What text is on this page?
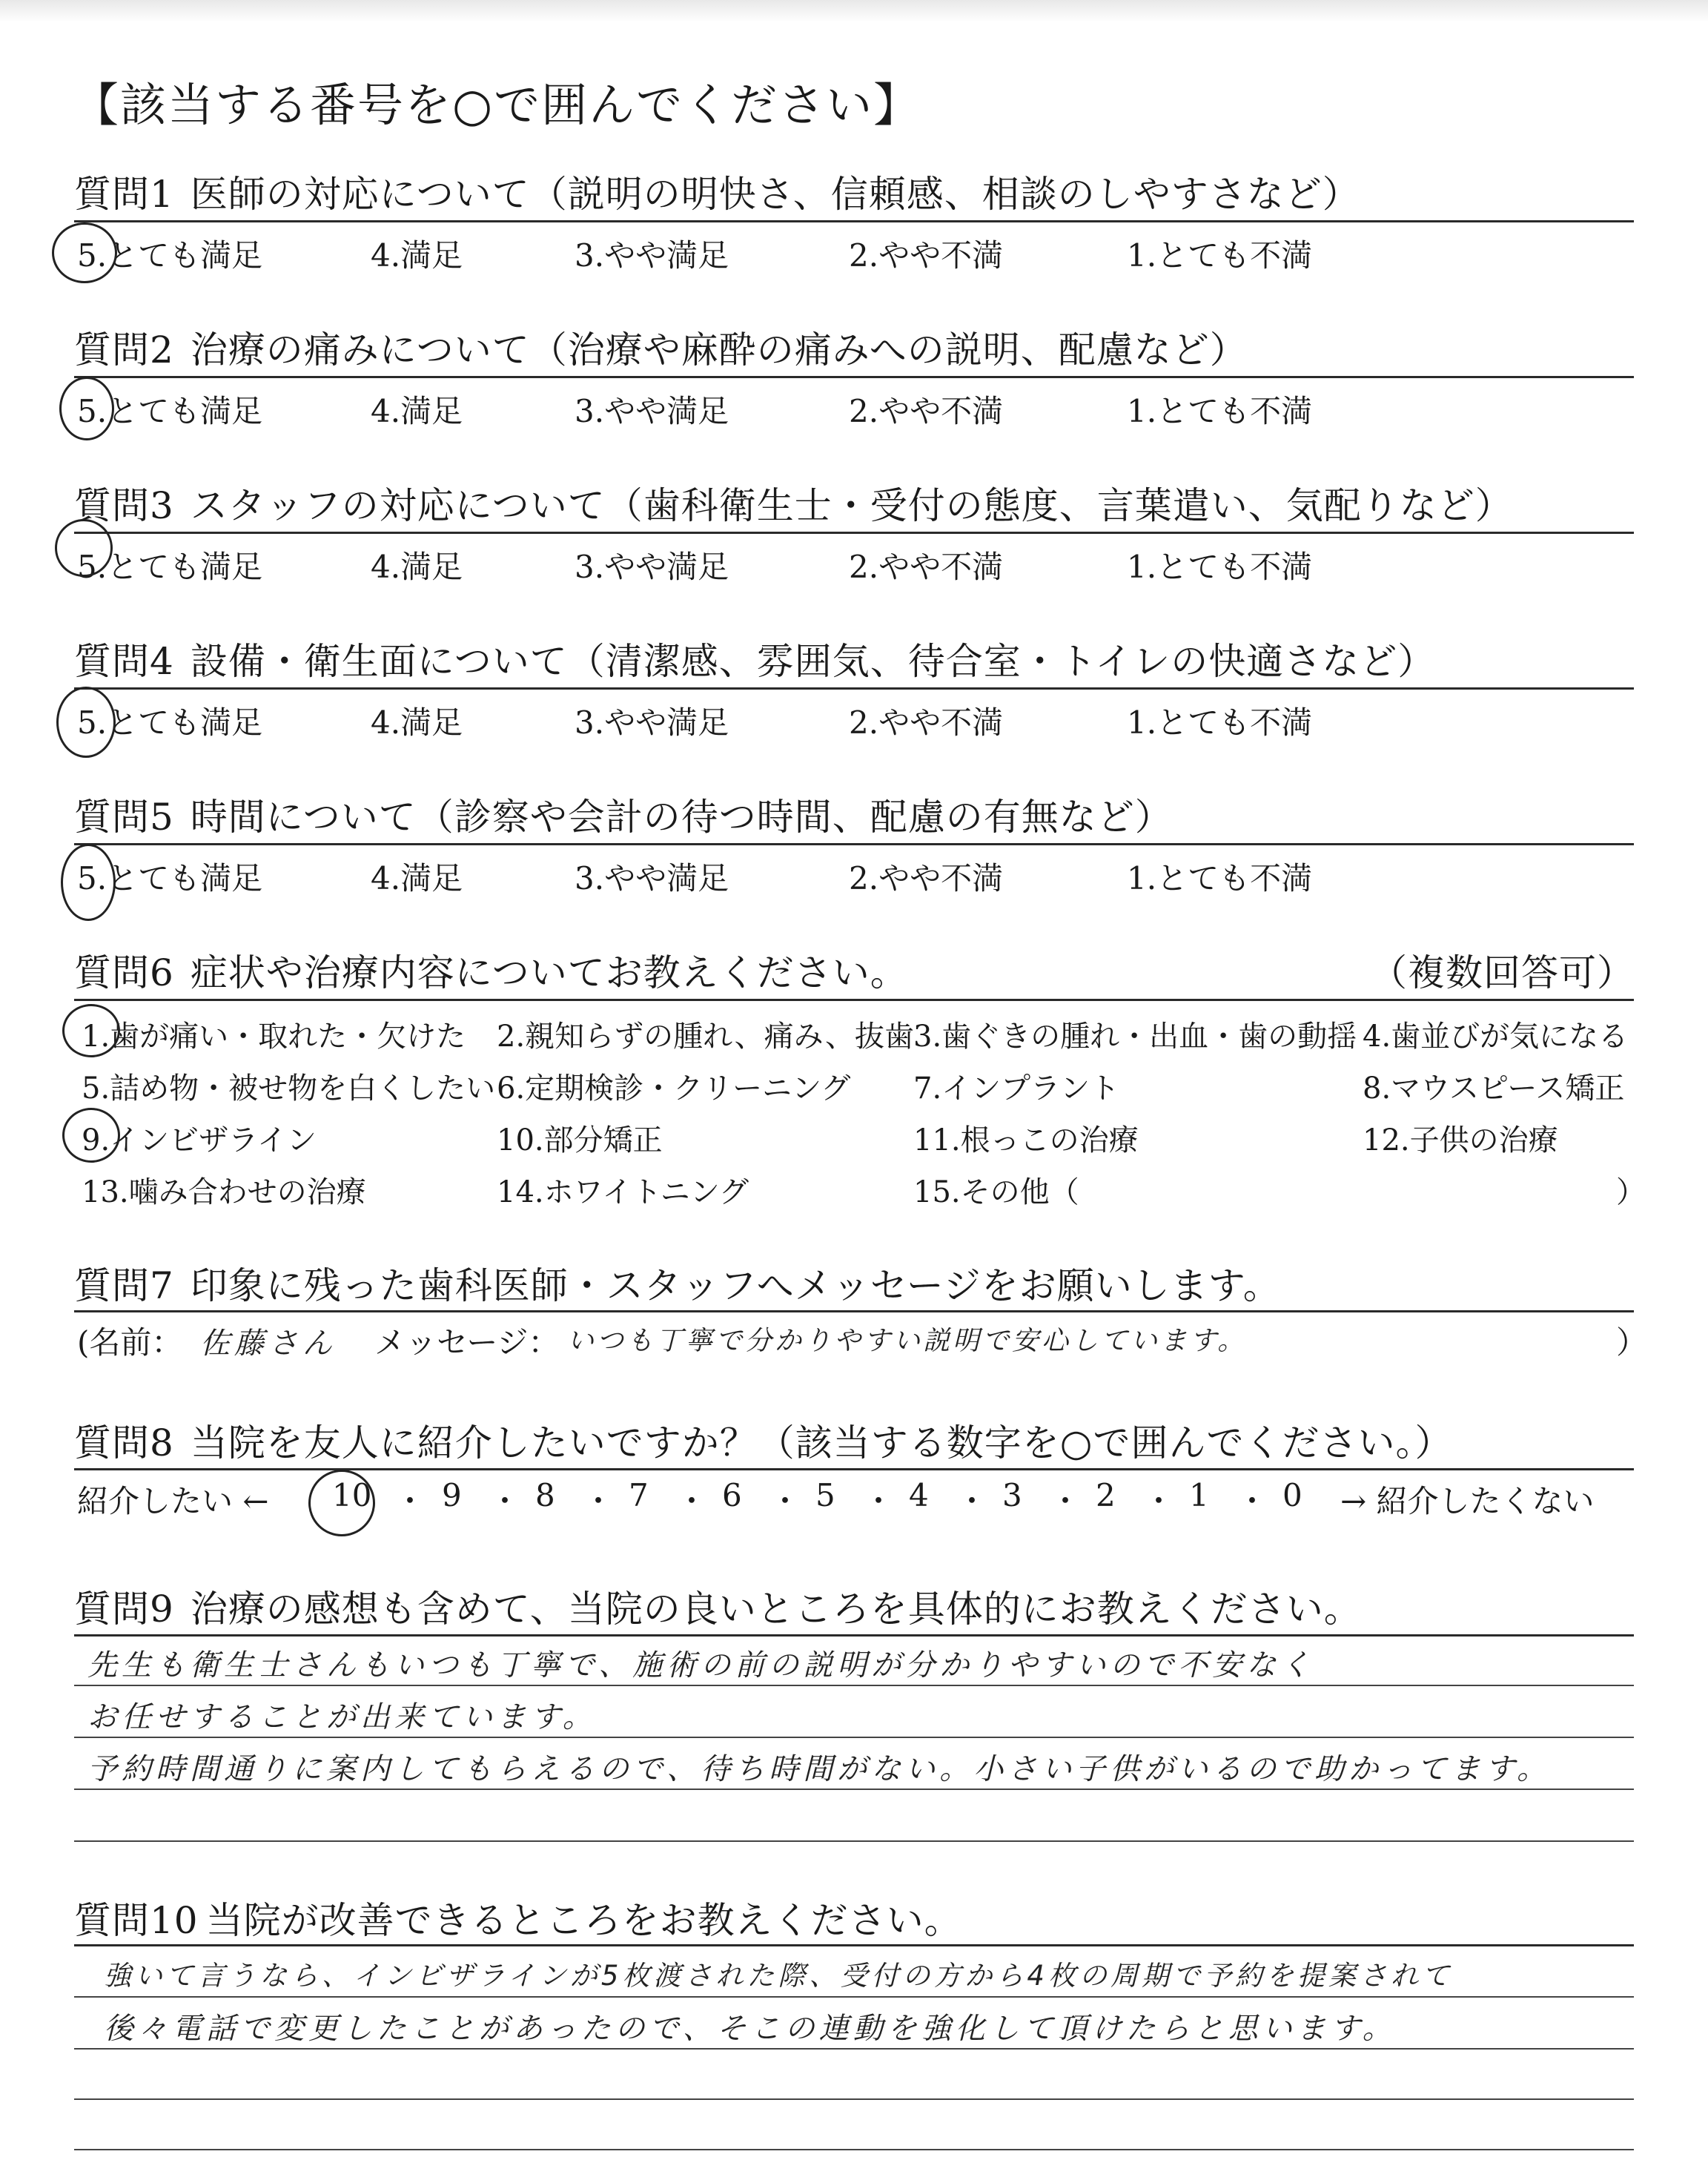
【該当する番号を○で囲んでください】
質問1 医師の対応について（説明の明快さ、信頼感、相談のしやすさなど）
5.とても満足	4.満足	3.やや満足	2.やや不満	1.とても不満
質問2 治療の痛みについて（治療や麻酔の痛みへの説明、配慮など）
5.とても満足	4.満足	3.やや満足	2.やや不満	1.とても不満
質問3 スタッフの対応について（歯科衛生士・受付の態度、言葉遣い、気配りなど）
5.とても満足	4.満足	3.やや満足	2.やや不満	1.とても不満
質問4 設備・衛生面について（清潔感、雰囲気、待合室・トイレの快適さなど）
5.とても満足	4.満足	3.やや満足	2.やや不満	1.とても不満
質問5 時間について（診察や会計の待つ時間、配慮の有無など）
5.とても満足	4.満足	3.やや満足	2.やや不満	1.とても不満
質問6 症状や治療内容についてお教えください。	（複数回答可）
1.歯が痛い・取れた・欠けた 2.親知らずの腫れ、痛み、抜歯 3.歯ぐきの腫れ・出血・歯の動揺 4.歯並びが気になる
5.詰め物・被せ物を白くしたい 6.定期検診・クリーニング 7.インプラント	8.マウスピース矯正
9.インビザライン	10.部分矯正	11.根っこの治療	12.子供の治療
13.噛み合わせの治療	14.ホワイトニング	15.その他（	）
質問7 印象に残った歯科医師・スタッフへメッセージをお願いします。
(名前： 佐藤さん メッセージ： いつも丁寧で分かりやすい説明で安心しています。	）
質問8 当院を友人に紹介したいですか？（該当する数字を○で囲んでください。）
紹介したい ←	→ 紹介したくない
10 ・ 9 ・ 8 ・ 7 ・ 6 ・ 5 ・ 4 ・ 3 ・ 2 ・ 1 ・ 0
質問9 治療の感想も含めて、当院の良いところを具体的にお教えください。
先生も衛生士さんもいつも丁寧で、施術の前の説明が分かりやすいので不安なく
お任せすることが出来ています。
予約時間通りに案内してもらえるので、待ち時間がない。小さい子供がいるので助かってます。
質問10 当院が改善できるところをお教えください。
強いて言うなら、インビザラインが5枚渡された際、受付の方から4枚の周期で予約を提案されて
後々電話で変更したことがあったので、そこの連動を強化して頂けたらと思います。
